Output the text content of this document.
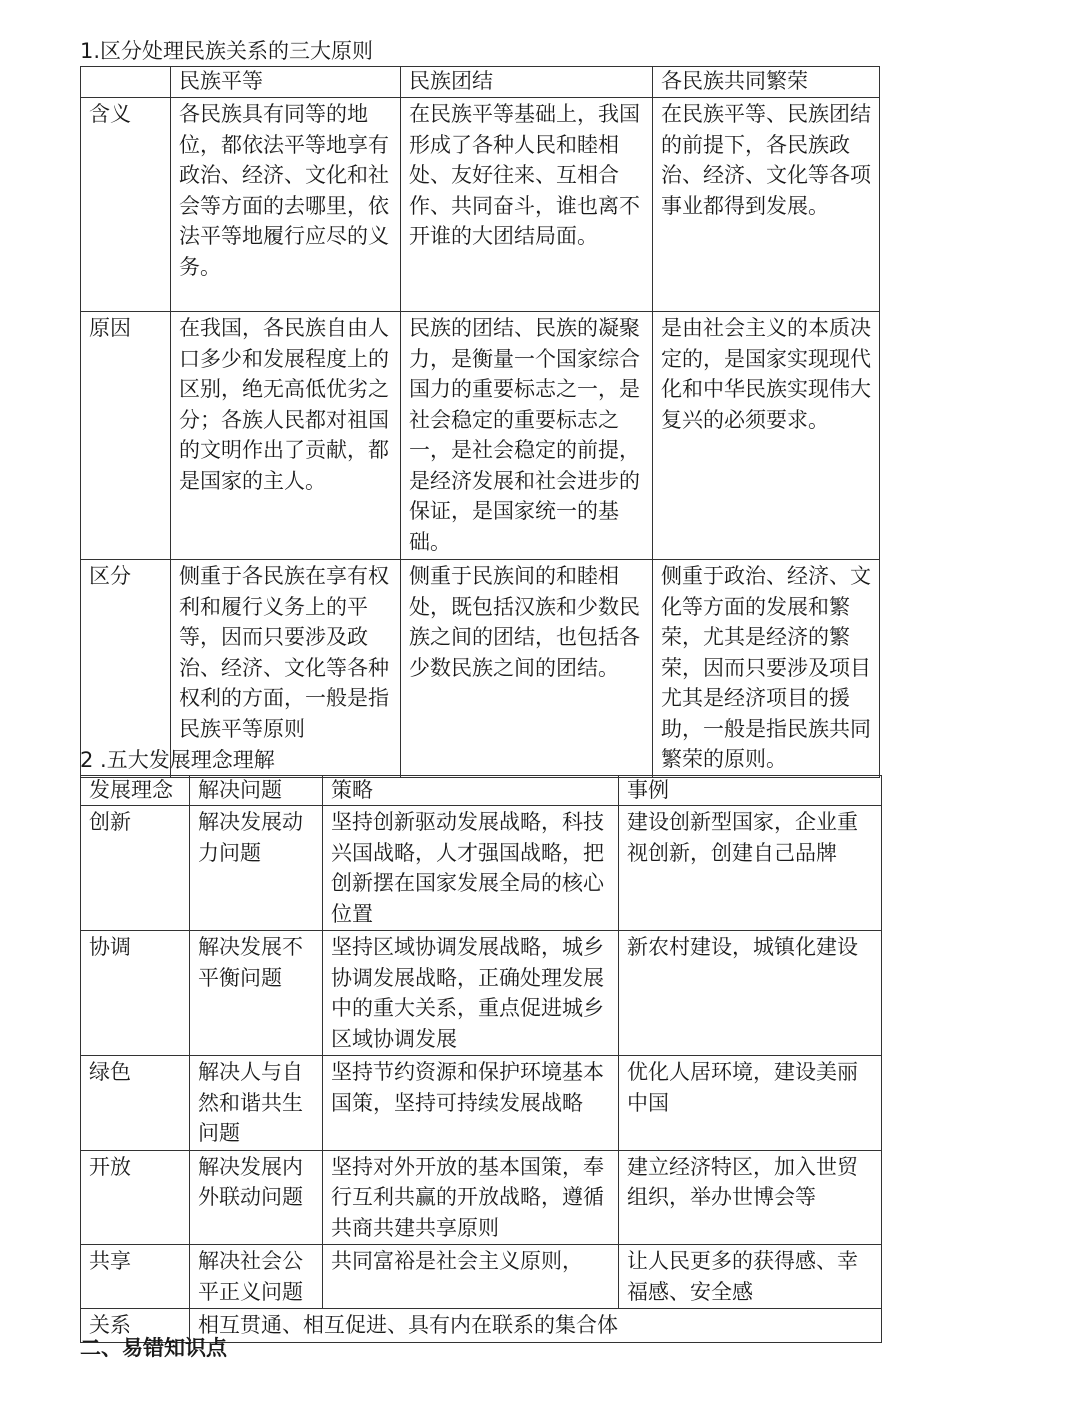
1.区分处理民族关系的三大原则
	民族平等	民族团结	各民族共同繁荣
含义	各民族具有同等的地位，都依法平等地享有政治、经济、文化和社会等方面的去哪里，依法平等地履行应尽的义务。	在民族平等基础上，我国形成了各种人民和睦相处、友好往来、互相合作、共同奋斗，谁也离不开谁的大团结局面。	在民族平等、民族团结的前提下，各民族政治、经济、文化等各项事业都得到发展。
原因	在我国，各民族自由人口多少和发展程度上的区别，绝无高低优劣之分；各族人民都对祖国的文明作出了贡献，都是国家的主人。	民族的团结、民族的凝聚力，是衡量一个国家综合国力的重要标志之一，是社会稳定的重要标志之一，是社会稳定的前提，是经济发展和社会进步的保证，是国家统一的基础。	是由社会主义的本质决定的，是国家实现现代化和中华民族实现伟大复兴的必须要求。
区分	侧重于各民族在享有权利和履行义务上的平等，因而只要涉及政治、经济、文化等各种权利的方面，一般是指民族平等原则	侧重于民族间的和睦相处，既包括汉族和少数民族之间的团结，也包括各少数民族之间的团结。	侧重于政治、经济、文化等方面的发展和繁荣，尤其是经济的繁荣，因而只要涉及项目尤其是经济项目的援助，一般是指民族共同繁荣的原则。
2 .五大发展理念理解
发展理念	解决问题	策略	事例
创新	解决发展动力问题	坚持创新驱动发展战略，科技兴国战略，人才强国战略，把创新摆在国家发展全局的核心位置	建设创新型国家，企业重视创新，创建自己品牌
协调	解决发展不平衡问题	坚持区域协调发展战略，城乡协调发展战略，正确处理发展中的重大关系，重点促进城乡区域协调发展	新农村建设，城镇化建设
绿色	解决人与自然和谐共生问题	坚持节约资源和保护环境基本国策，坚持可持续发展战略	优化人居环境，建设美丽中国
开放	解决发展内外联动问题	坚持对外开放的基本国策，奉行互利共赢的开放战略，遵循共商共建共享原则	建立经济特区，加入世贸组织，举办世博会等
共享	解决社会公平正义问题	共同富裕是社会主义原则，	让人民更多的获得感、幸福感、安全感
关系	相互贯通、相互促进、具有内在联系的集合体		
二、易错知识点
